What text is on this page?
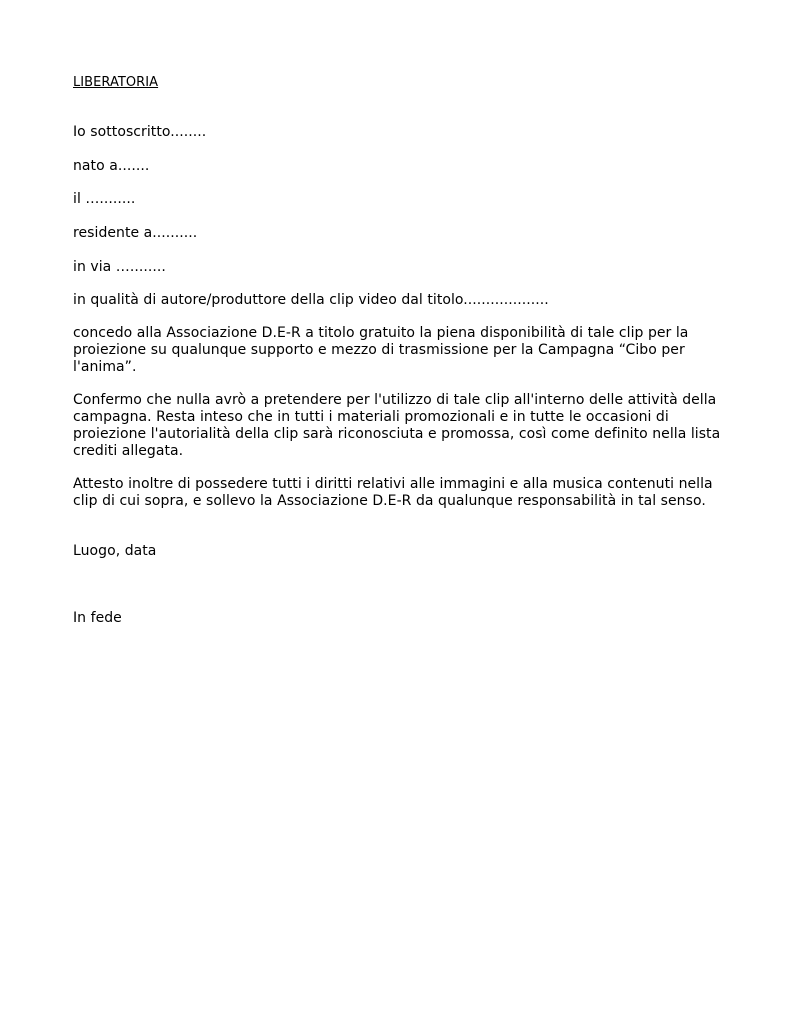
LIBERATORIA
Io sottoscritto........
nato a.......
il …........
residente a..........
in via …........
in qualità di autore/produttore della clip video dal titolo...................
concedo alla Associazione D.E-R a titolo gratuito la piena disponibilità di tale clip per la
proiezione su qualunque supporto e mezzo di trasmissione per la Campagna “Cibo per
l'anima”.
Confermo che nulla avrò a pretendere per l'utilizzo di tale clip all'interno delle attività della
campagna. Resta inteso che in tutti i materiali promozionali e in tutte le occasioni di
proiezione l'autorialità della clip sarà riconosciuta e promossa, così come definito nella lista
crediti allegata.
Attesto inoltre di possedere tutti i diritti relativi alle immagini e alla musica contenuti nella
clip di cui sopra, e sollevo la Associazione D.E-R da qualunque responsabilità in tal senso.
Luogo, data
In fede
